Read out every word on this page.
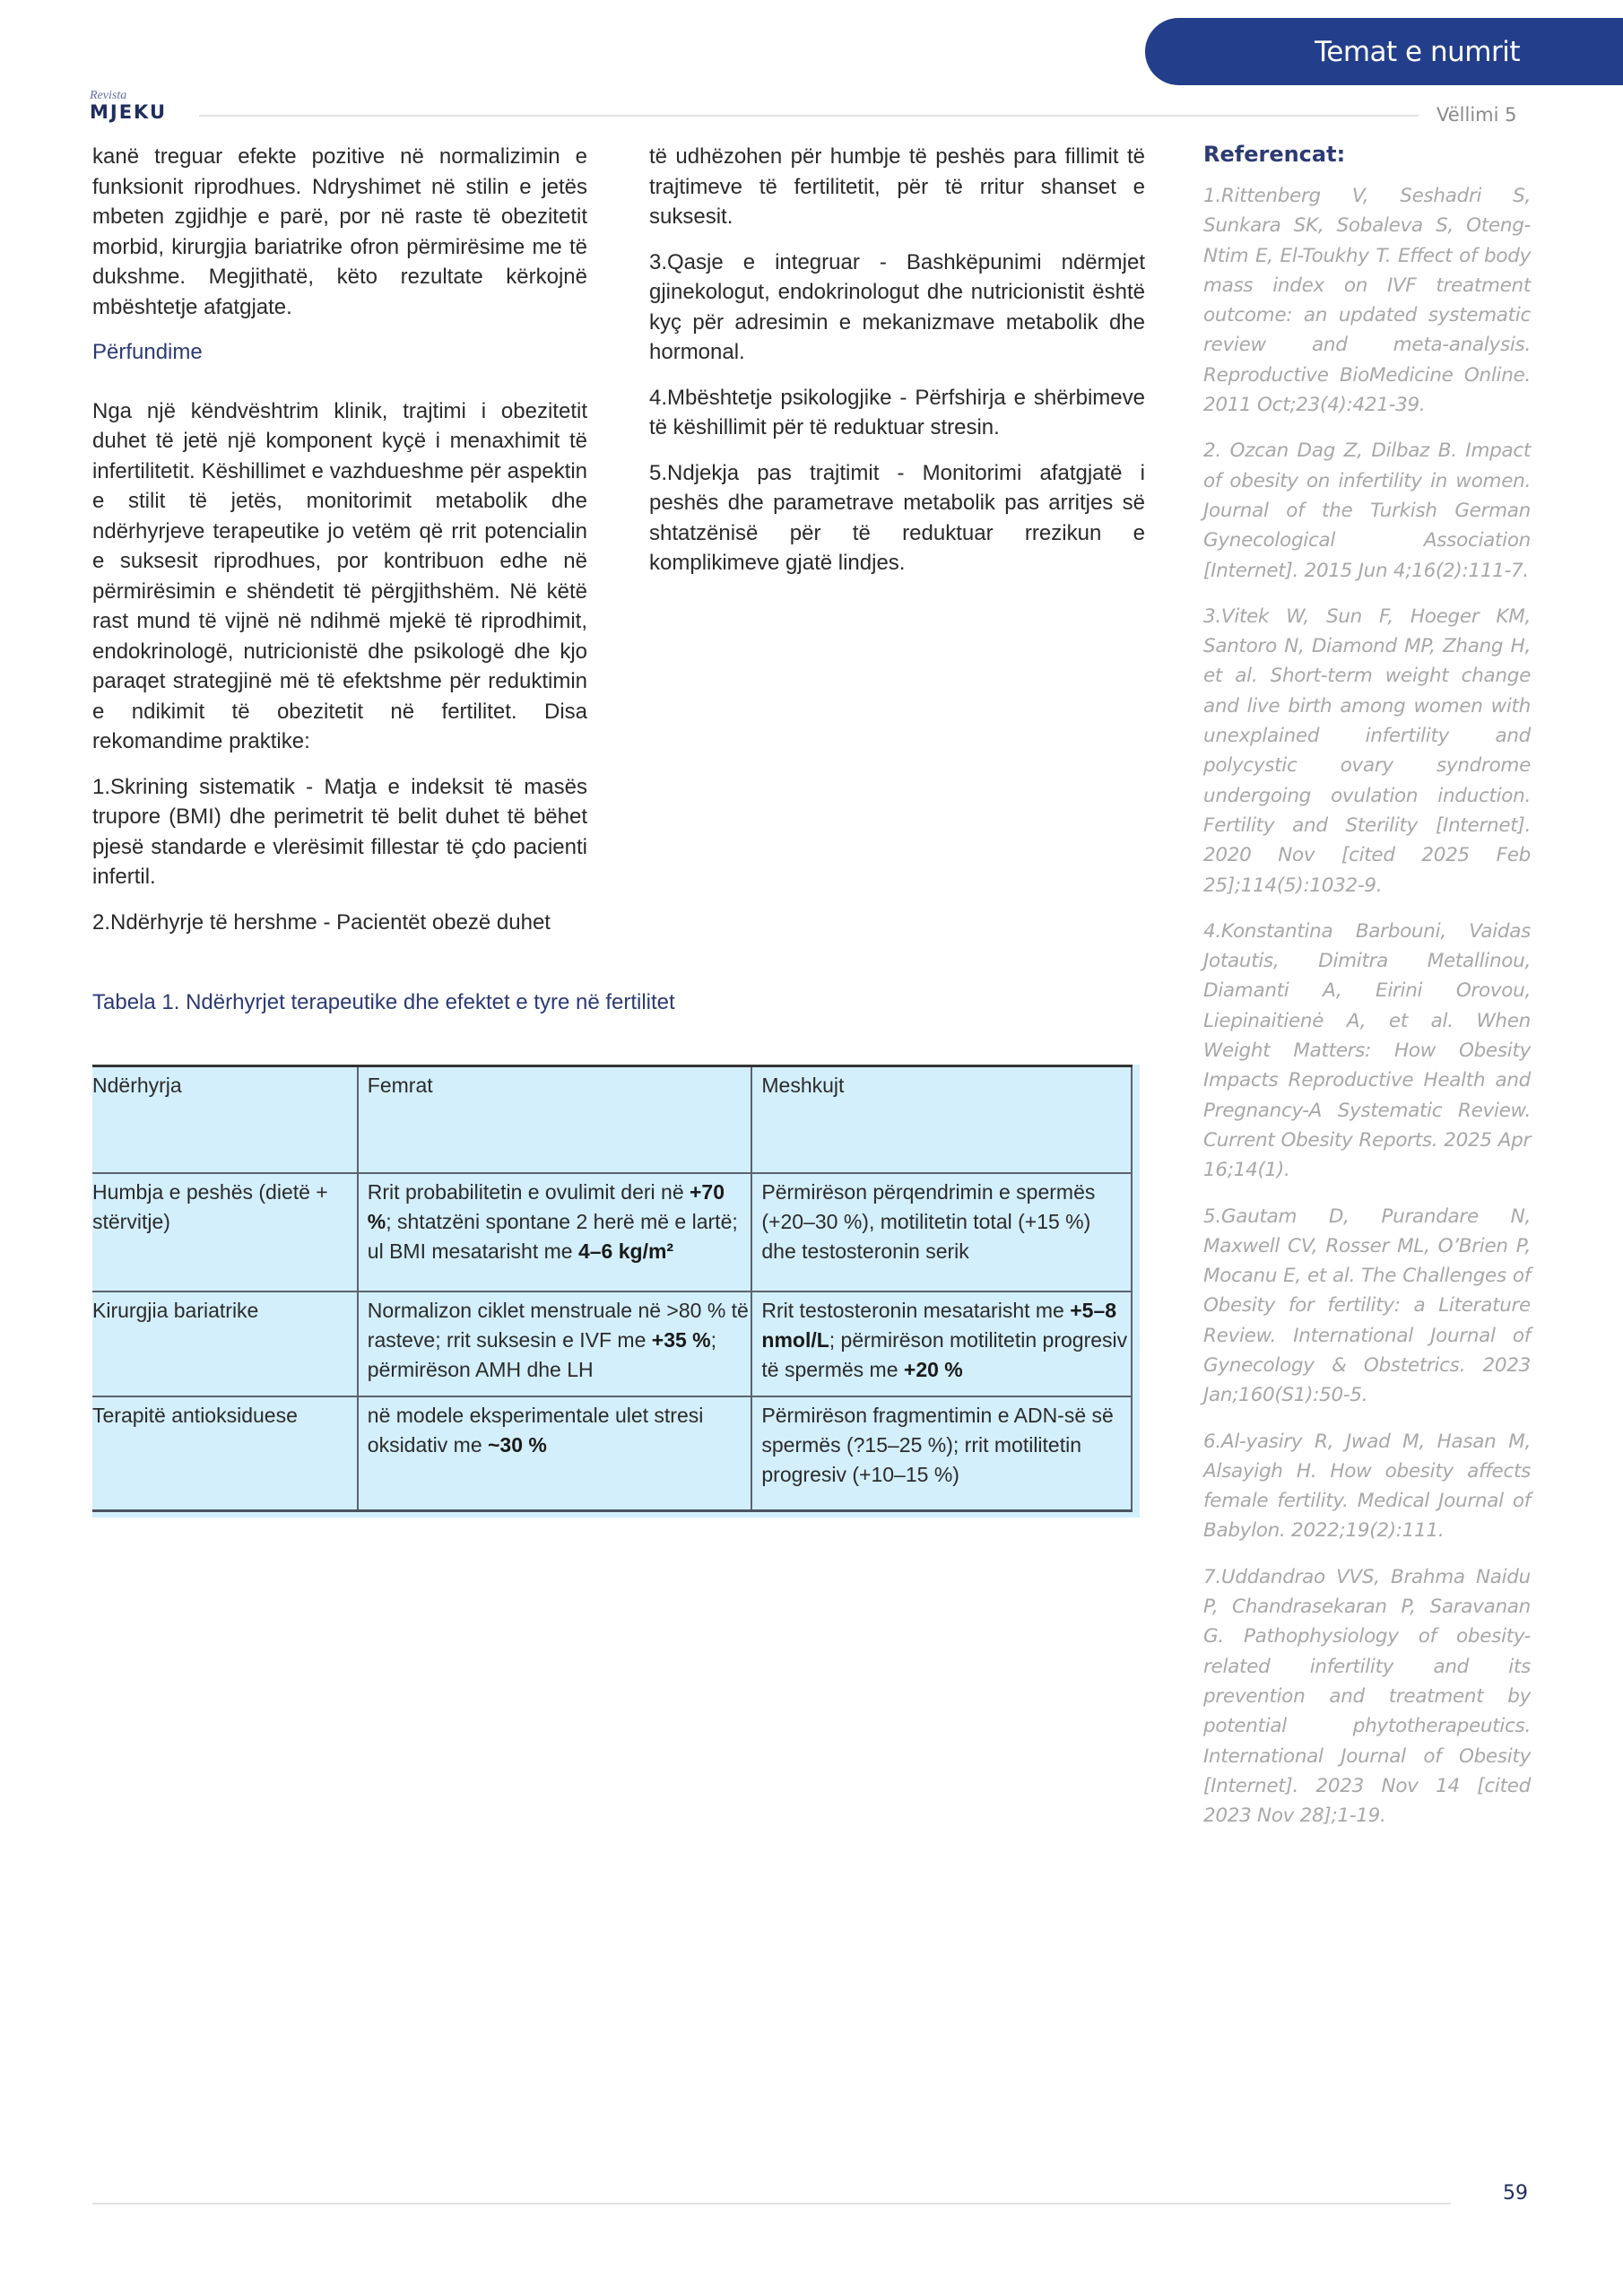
Temat e numrit
Revista
MJEKU	Vëllimi 5

kanë treguar efekte pozitive në normalizimin e funksionit riprodhues. Ndryshimet në stilin e jetës mbeten zgjidhje e parë, por në raste të obezitetit morbid, kirurgjia bariatrike ofron përmirësime me të dukshme. Megjithatë, këto rezultate kërkojnë mbështetje afatgjate.

Përfundime

Nga një këndvështrim klinik, trajtimi i obezitetit duhet të jetë një komponent kyçë i menaxhimit të infertilitetit. Këshillimet e vazhdueshme për aspektin e stilit të jetës, monitorimit metabolik dhe ndërhyrjeve terapeutike jo vetëm që rrit potencialin e suksesit riprodhues, por kontribuon edhe në përmirësimin e shëndetit të përgjithshëm. Në këtë rast mund të vijnë në ndihmë mjekë të riprodhimit, endokrinologë, nutricionistë dhe psikologë dhe kjo paraqet strategjinë më të efektshme për reduktimin e ndikimit të obezitetit në fertilitet. Disa rekomandime praktike:

1.Skrining sistematik - Matja e indeksit të masës trupore (BMI) dhe perimetrit të belit duhet të bëhet pjesë standarde e vlerësimit fillestar të çdo pacienti infertil.

2.Ndërhyrje të hershme - Pacientët obezë duhet

të udhëzohen për humbje të peshës para fillimit të trajtimeve të fertilitetit, për të rritur shanset e suksesit.

3.Qasje e integruar - Bashkëpunimi ndërmjet gjinekologut, endokrinologut dhe nutricionistit është kyç për adresimin e mekanizmave metabolik dhe hormonal.

4.Mbështetje psikologjike - Përfshirja e shërbimeve të këshillimit për të reduktuar stresin.

5.Ndjekja pas trajtimit - Monitorimi afatgjatë i peshës dhe parametrave metabolik pas arritjes së shtatzënisë për të reduktuar rrezikun e komplikimeve gjatë lindjes.

Tabela 1. Ndërhyrjet terapeutike dhe efektet e tyre në fertilitet
Ndërhyrja	Femrat	Meshkujt
Humbja e peshës (dietë + stërvitje)	Rrit probabilitetin e ovulimit deri në +70 %; shtatzëni spontane 2 herë më e lartë; ul BMI mesatarisht me 4–6 kg/m²	Përmirëson përqendrimin e spermës (+20–30 %), motilitetin total (+15 %) dhe testosteronin serik
Kirurgjia bariatrike	Normalizon ciklet menstruale në >80 % të rasteve; rrit suksesin e IVF me +35 %; përmirëson AMH dhe LH	Rrit testosteronin mesatarisht me +5–8 nmol/L; përmirëson motilitetin progresiv të spermës me +20 %
Terapitë antioksiduese	në modele eksperimentale ulet stresi oksidativ me ~30 %	Përmirëson fragmentimin e ADN-së së spermës (?15–25 %); rrit motilitetin progresiv (+10–15 %)
Referencat:
1.Rittenberg V, Seshadri S, Sunkara SK, Sobaleva S, Oteng-Ntim E, El-Toukhy T. Effect of body mass index on IVF treatment outcome: an updated systematic review and meta-analysis. Reproductive BioMedicine Online. 2011 Oct;23(4):421-39.
2. Ozcan Dag Z, Dilbaz B. Impact of obesity on infertility in women. Journal of the Turkish German Gynecological Association [Internet]. 2015 Jun 4;16(2):111-7.
3.Vitek W, Sun F, Hoeger KM, Santoro N, Diamond MP, Zhang H, et al. Short-term weight change and live birth among women with unexplained infertility and polycystic ovary syndrome undergoing ovulation induction. Fertility and Sterility [Internet]. 2020 Nov [cited 2025 Feb 25];114(5):1032-9.
4.Konstantina Barbouni, Vaidas Jotautis, Dimitra Metallinou, Diamanti A, Eirini Orovou, Liepinaitienė A, et al. When Weight Matters: How Obesity Impacts Reproductive Health and Pregnancy-A Systematic Review. Current Obesity Reports. 2025 Apr 16;14(1).
5.Gautam D, Purandare N, Maxwell CV, Rosser ML, O’Brien P, Mocanu E, et al. The Challenges of Obesity for fertility: a Literature Review. International Journal of Gynecology & Obstetrics. 2023 Jan;160(S1):50-5.
6.Al-yasiry R, Jwad M, Hasan M, Alsayigh H. How obesity affects female fertility. Medical Journal of Babylon. 2022;19(2):111.
7.Uddandrao VVS, Brahma Naidu P, Chandrasekaran P, Saravanan G. Pathophysiology of obesity-related infertility and its prevention and treatment by potential phytotherapeutics. International Journal of Obesity [Internet]. 2023 Nov 14 [cited 2023 Nov 28];1-19.
59
